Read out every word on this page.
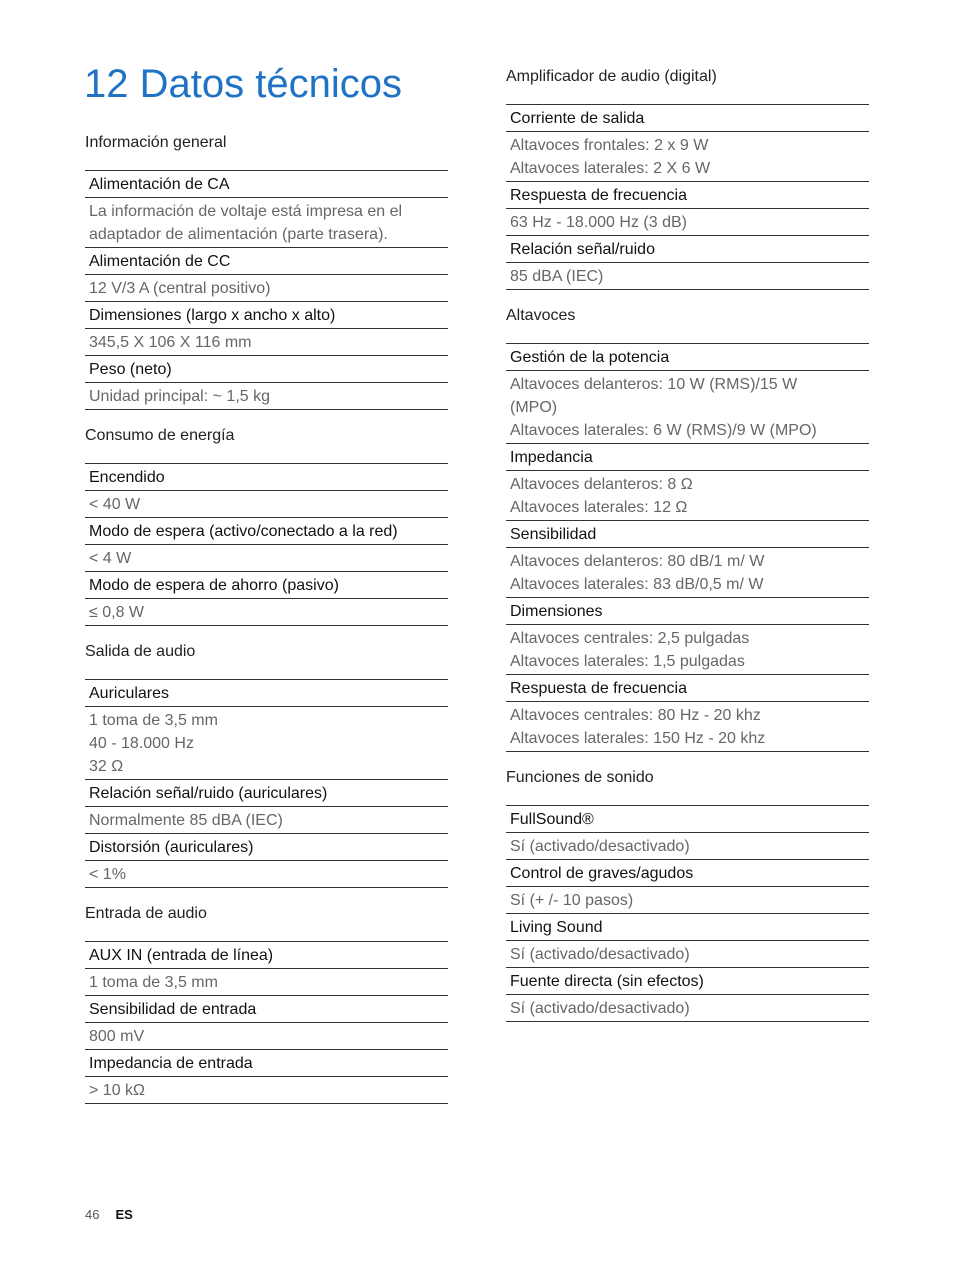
12 Datos técnicos
Información general
Alimentación de CA
La información de voltaje está impresa en el
adaptador de alimentación (parte trasera).
Alimentación de CC
12 V/3 A (central positivo)
Dimensiones (largo x ancho x alto)
345,5 X 106 X 116 mm
Peso (neto)
Unidad principal: ~ 1,5 kg
Consumo de energía
Encendido
< 40 W
Modo de espera (activo/conectado a la red)
< 4 W
Modo de espera de ahorro (pasivo)
≤ 0,8 W
Salida de audio
Auriculares
1 toma de 3,5 mm
40 - 18.000 Hz
32 Ω
Relación señal/ruido (auriculares)
Normalmente 85 dBA (IEC)
Distorsión (auriculares)
< 1%
Entrada de audio
AUX IN (entrada de línea)
1 toma de 3,5 mm
Sensibilidad de entrada
800 mV
Impedancia de entrada
> 10 kΩ
Amplificador de audio (digital)
Corriente de salida
Altavoces frontales: 2 x 9 W
Altavoces laterales: 2 X 6 W
Respuesta de frecuencia
63 Hz - 18.000 Hz (3 dB)
Relación señal/ruido
85 dBA (IEC)
Altavoces
Gestión de la potencia
Altavoces delanteros: 10 W (RMS)/15 W
(MPO)
Altavoces laterales: 6 W (RMS)/9 W (MPO)
Impedancia
Altavoces delanteros: 8 Ω
Altavoces laterales: 12 Ω
Sensibilidad
Altavoces delanteros: 80 dB/1 m/ W
Altavoces laterales: 83 dB/0,5 m/ W
Dimensiones
Altavoces centrales: 2,5 pulgadas
Altavoces laterales: 1,5 pulgadas
Respuesta de frecuencia
Altavoces centrales: 80 Hz - 20 khz
Altavoces laterales: 150 Hz - 20 khz
Funciones de sonido
FullSound®
Sí (activado/desactivado)
Control de graves/agudos
Sí (+ /- 10 pasos)
Living Sound
Sí (activado/desactivado)
Fuente directa (sin efectos)
Sí (activado/desactivado)
46 ES
